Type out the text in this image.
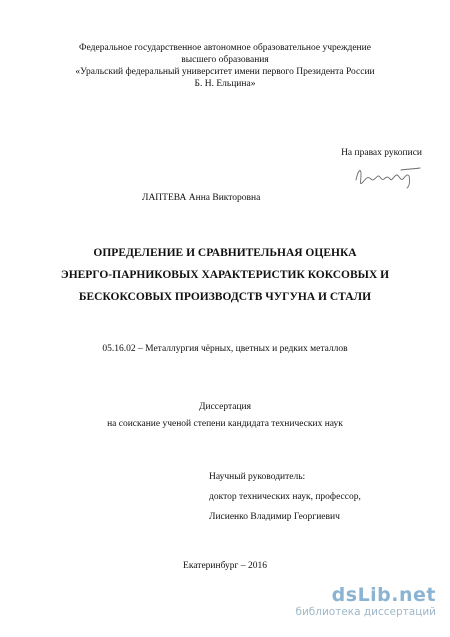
Федеральное государственное автономное образовательное учреждение
высшего образования
«Уральский федеральный университет имени первого Президента России
Б. Н. Ельцина»
На правах рукописи
ЛАПТЕВА Анна Викторовна
ОПРЕДЕЛЕНИЕ И СРАВНИТЕЛЬНАЯ ОЦЕНКА
ЭНЕРГО-ПАРНИКОВЫХ ХАРАКТЕРИСТИК КОКСОВЫХ И
БЕСКОКСОВЫХ ПРОИЗВОДСТВ ЧУГУНА И СТАЛИ
05.16.02 – Металлургия чёрных, цветных и редких металлов
Диссертация
на соискание ученой степени кандидата технических наук
Научный руководитель:
доктор технических наук, профессор,
Лисиенко Владимир Георгиевич
Екатеринбург – 2016
dsLib.net
библиотека диссертаций
